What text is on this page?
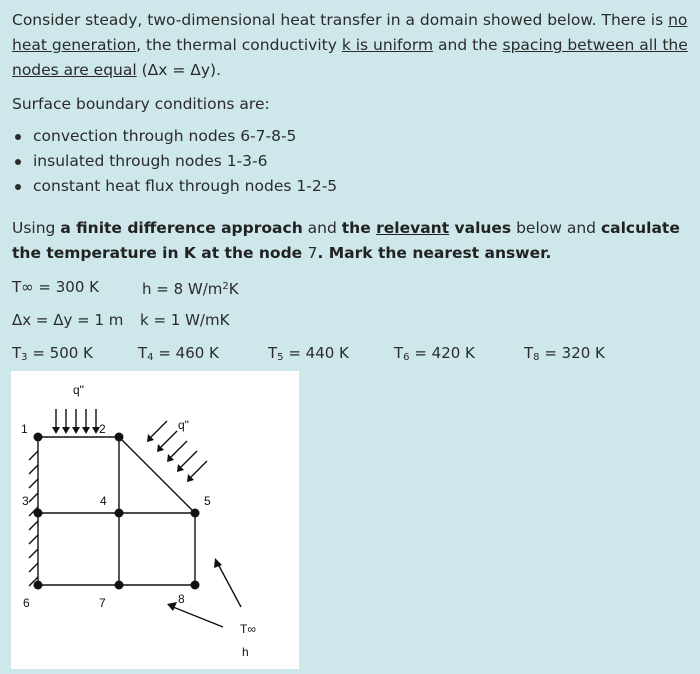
Consider steady, two-dimensional heat transfer in a domain showed below. There is no heat generation, the thermal conductivity k is uniform and the spacing between all the nodes are equal (Δx = Δy).
Surface boundary conditions are:
convection through nodes 6-7-8-5
insulated through nodes 1-3-6
constant heat flux through nodes 1-2-5
Using a finite difference approach and the relevant values below and calculate the temperature in K at the node 7. Mark the nearest answer.
T∞ = 300 K	h = 8 $W/m^2K$
Δx = Δy = 1 m k = 1 W/mK
$T_3 = 500$ K	$T_4 = 460$ K	$T_5 = 440$ K	$T_6 = 420$ K	$T_8 = 320$ K
q"
q"
1	2
3	4	5
6	7	8
T∞
h
